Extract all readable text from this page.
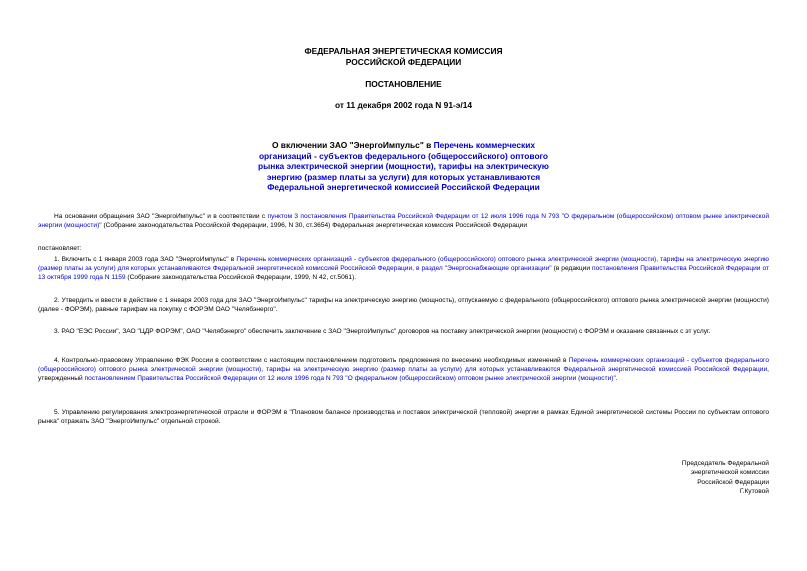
ФЕДЕРАЛЬНАЯ ЭНЕРГЕТИЧЕСКАЯ КОМИССИЯ
РОССИЙСКОЙ ФЕДЕРАЦИИ
ПОСТАНОВЛЕНИЕ
от 11 декабря 2002 года N 91-э/14
О включении ЗАО "ЭнергоИмпульс" в Перечень коммерческих
организаций - субъектов федерального (общероссийского) оптового
рынка электрической энергии (мощности), тарифы на электрическую
энергию (размер платы за услуги) для которых устанавливаются
Федеральной энергетической комиссией Российской Федерации
На основании обращения ЗАО "ЭнергоИмпульс" и в соответствии с пунктом 3 постановления Правительства Российской Федерации от 12 июля 1996 года N 793 "О федеральном (общероссийском) оптовом рынке электрической энергии (мощности)" (Собрание законодательства Российской Федерации, 1996, N 30, ст.3654) Федеральная энергетическая комиссия Российской Федерации
постановляет:
1. Включить с 1 января 2003 года ЗАО "ЭнергоИмпульс" в Перечень коммерческих организаций - субъектов федерального (общероссийского) оптового рынка электрической энергии (мощности), тарифы на электрическую энергию (размер платы за услуги) для которых устанавливаются Федеральной энергетической комиссией Российской Федерации, в раздел "Энергоснабжающие организации" (в редакции постановления Правительства Российской Федерации от 13 октября 1999 года N 1159 (Собрание законодательства Российской Федерации, 1999, N 42, ст.5061).
2. Утвердить и ввести в действие с 1 января 2003 года для ЗАО "ЭнергоИмпульс" тарифы на электрическую энергию (мощность), отпускаемую с федерального (общероссийского) оптового рынка электрической энергии (мощности) (далее - ФОРЭМ), равные тарифам на покупку с ФОРЭМ ОАО "Челябэнерго".
3. РАО "ЕЭС России", ЗАО "ЦДР ФОРЭМ", ОАО "Челябэнерго" обеспечить заключение с ЗАО "ЭнергоИмпульс" договоров на поставку электрической энергии (мощности) с ФОРЭМ и оказание связанных с эт услуг.
4. Контрольно-правовому Управлению ФЭК России в соответствии с настоящим постановлением подготовить предложения по внесению необходимых изменений в Перечень коммерческих организаций - субъектов федерального (общероссийского) оптового рынка электрической энергии (мощности), тарифы на электрическую энергию (размер платы за услуги) для которых устанавливаются Федеральной энергетической комиссией Российской Федерации, утвержденный постановлением Правительства Российской Федерации от 12 июля 1996 года N 793 "О федеральном (общероссийском) оптовом рынке электрической энергии (мощности)".
5. Управлению регулирования электроэнергетической отрасли и ФОРЭМ в "Плановом балансе производства и поставок электрической (тепловой) энергии в рамках Единой энергетической системы России по субъектам оптового рынка" отражать ЗАО "ЭнергоИмпульс" отдельной строкой.
Председатель Федеральной
энергетической комиссии
Российской Федерации
Г.Кутовой
